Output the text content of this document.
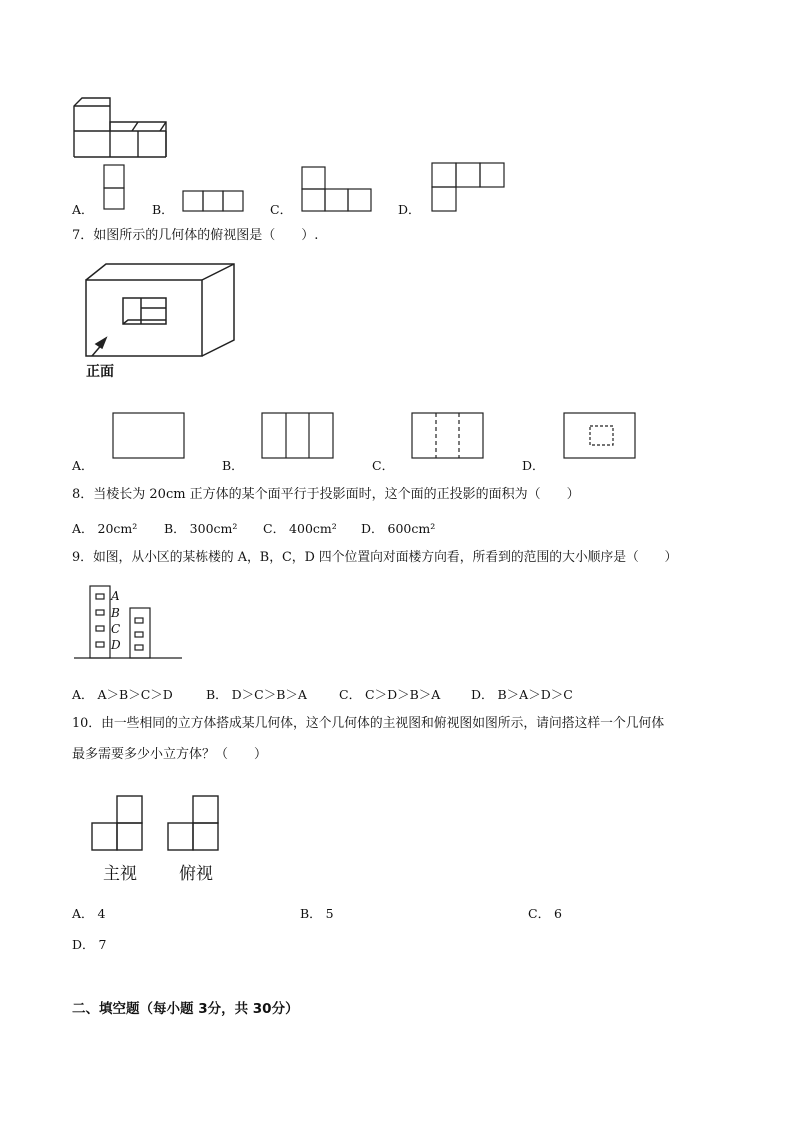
A．	B．	C．	D．
7．如图所示的几何体的俯视图是（　　）.
正面
A．	B．	C．	D．
8．当棱长为 20cm 正方体的某个面平行于投影面时，这个面的正投影的面积为（　　）
A． 20cm² B． 300cm² C． 400cm² D． 600cm²
9．如图，从小区的某栋楼的 A，B，C，D 四个位置向对面楼方向看，所看到的范围的大小顺序是（　　）
A
B
C
D
A． A＞B＞C＞D	B． D＞C＞B＞A	C． C＞D＞B＞A D． B＞A＞D＞C
10．由一些相同的立方体搭成某几何体，这个几何体的主视图和俯视图如图所示，请问搭这样一个几何体
最多需要多少小立方体？（　　）
主视 俯视
A． 4	B． 5	C． 6
D． 7
二、填空题（每小题 3分，共 30分）
